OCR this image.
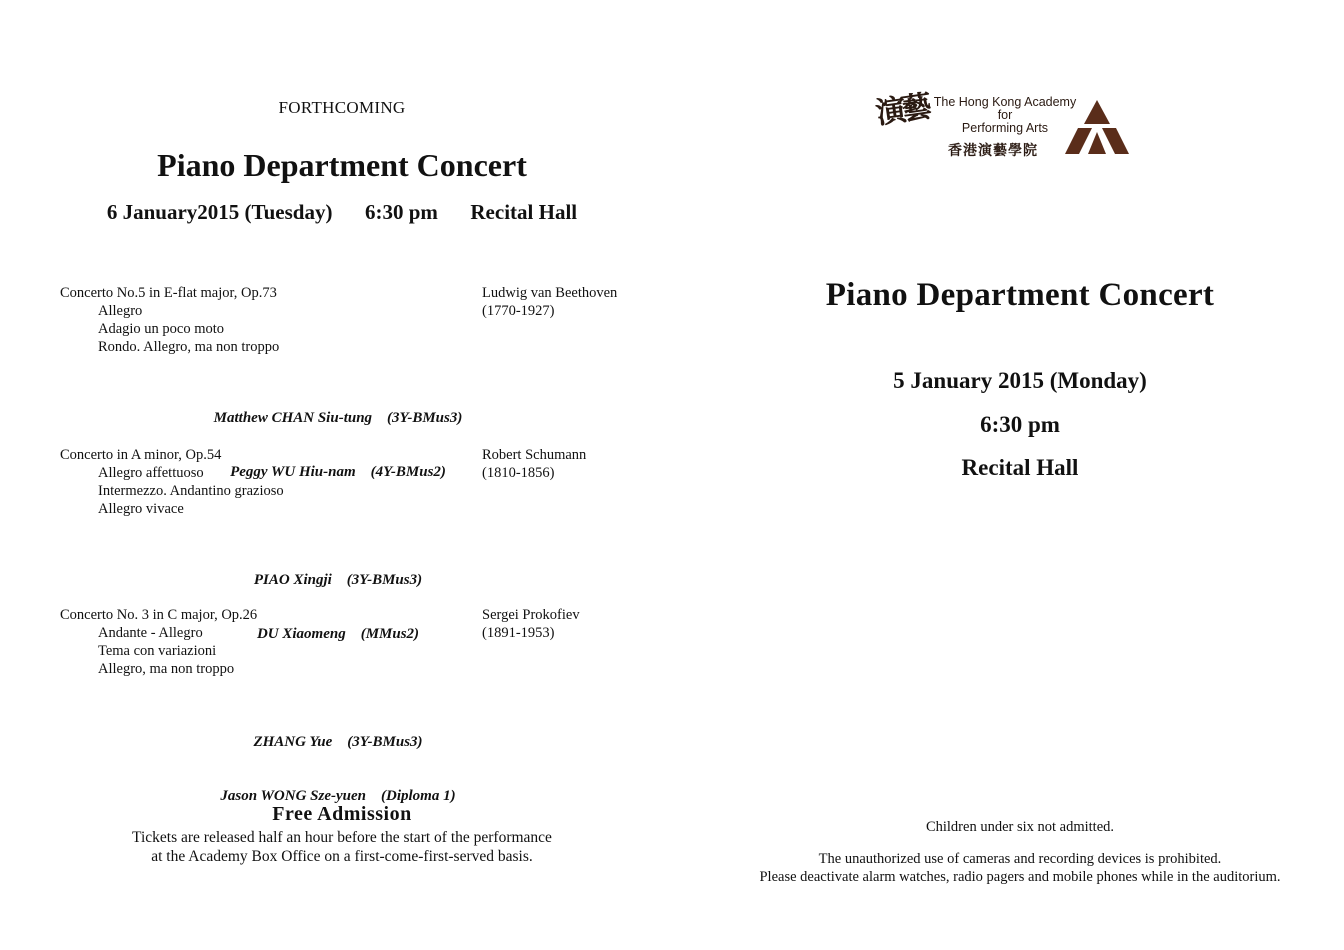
FORTHCOMING
Piano Department Concert
6 January2015 (Tuesday) 6:30 pm Recital Hall
Concerto No.5 in E-flat major, Op.73
Allegro
Adagio un poco moto
Rondo. Allegro, ma non troppo
Ludwig van Beethoven
(1770-1927)

Matthew CHAN Siu-tung    (3Y-BMus3)

Peggy WU Hiu-nam    (4Y-BMus2)

Concerto in A minor, Op.54
Allegro affettuoso
Intermezzo. Andantino grazioso
Allegro vivace
Robert Schumann
(1810-1856)

PIAO Xingji    (3Y-BMus3)

DU Xiaomeng    (MMus2)

Concerto No. 3 in C major, Op.26
Andante - Allegro
Tema con variazioni
Allegro, ma non troppo
Sergei Prokofiev
(1891-1953)

ZHANG Yue    (3Y-BMus3)

Jason WONG Sze-yuen    (Diploma 1)

Free Admission
Tickets are released half an hour before the start of the performance
at the Academy Box Office on a first-come-first-served basis.
演藝 The Hong Kong Academy
for
Performing Arts
香港演藝學院
Piano Department Concert
5 January 2015 (Monday)
6:30 pm
Recital Hall
Children under six not admitted.
The unauthorized use of cameras and recording devices is prohibited.
Please deactivate alarm watches, radio pagers and mobile phones while in the auditorium.
